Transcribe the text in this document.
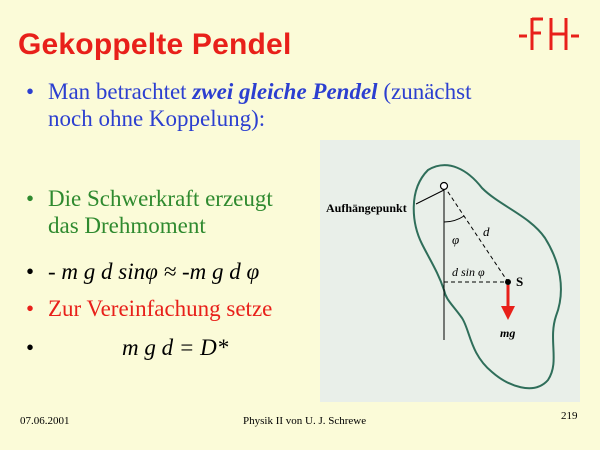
Gekoppelte Pendel
• Man betrachtet zwei gleiche Pendel (zunächst
noch ohne Koppelung):
• Die Schwerkraft erzeugt
das Drehmoment
• - m g d sinφ ≈ -m g d φ
• Zur Vereinfachung setze
•	m g d = D*
Aufhängepunkt
φ
d
d sin φ
S
mg
07.06.2001	Physik II von U. J. Schrewe	219
